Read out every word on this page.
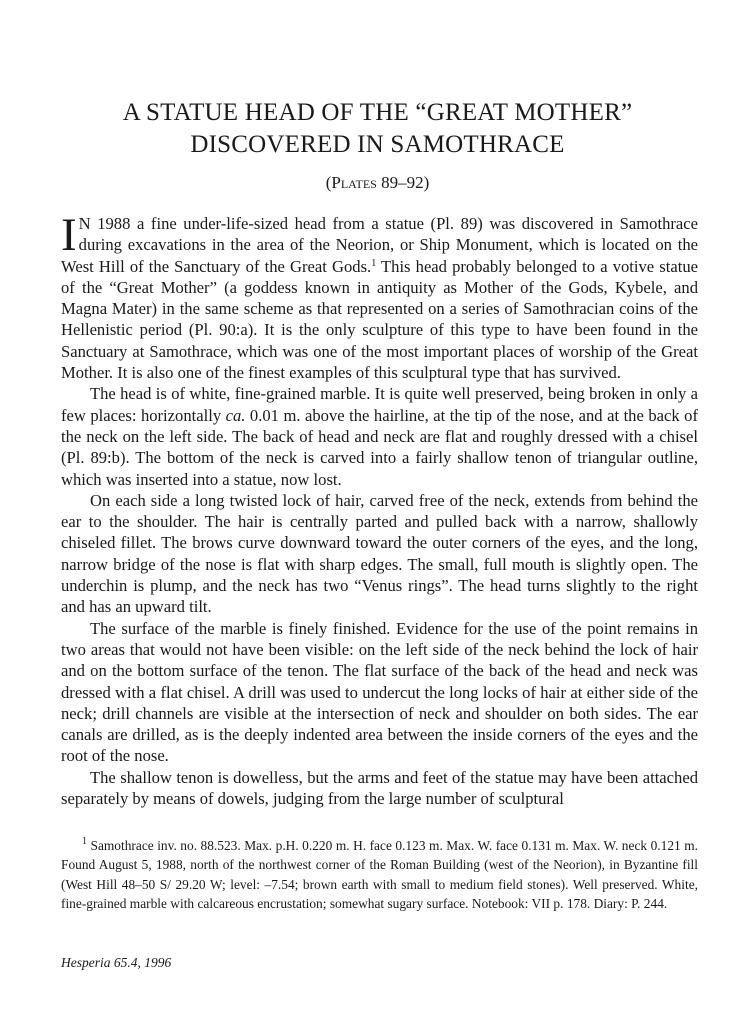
A STATUE HEAD OF THE “GREAT MOTHER”
DISCOVERED IN SAMOTHRACE
(Plates 89–92)

I N 1988 a fine under-life-sized head from a statue (Pl. 89) was discovered in Samothrace during excavations in the area of the Neorion, or Ship Monument, which is located on the West Hill of the Sanctuary of the Great Gods.$^1$ This head probably belonged to a votive statue of the “Great Mother” (a goddess known in antiquity as Mother of the Gods, Kybele, and Magna Mater) in the same scheme as that represented on a series of Samothracian coins of the Hellenistic period (Pl. 90:a). It is the only sculpture of this type to have been found in the Sanctuary at Samothrace, which was one of the most important places of worship of the Great Mother. It is also one of the finest examples of this sculptural type that has survived.

The head is of white, fine-grained marble. It is quite well preserved, being broken in only a few places: horizontally ca. 0.01 m. above the hairline, at the tip of the nose, and at the back of the neck on the left side. The back of head and neck are flat and roughly dressed with a chisel (Pl. 89:b). The bottom of the neck is carved into a fairly shallow tenon of triangular outline, which was inserted into a statue, now lost.

On each side a long twisted lock of hair, carved free of the neck, extends from behind the ear to the shoulder. The hair is centrally parted and pulled back with a narrow, shallowly chiseled fillet. The brows curve downward toward the outer corners of the eyes, and the long, narrow bridge of the nose is flat with sharp edges. The small, full mouth is slightly open. The underchin is plump, and the neck has two “Venus rings”. The head turns slightly to the right and has an upward tilt.

The surface of the marble is finely finished. Evidence for the use of the point remains in two areas that would not have been visible: on the left side of the neck behind the lock of hair and on the bottom surface of the tenon. The flat surface of the back of the head and neck was dressed with a flat chisel. A drill was used to undercut the long locks of hair at either side of the neck; drill channels are visible at the intersection of neck and shoulder on both sides. The ear canals are drilled, as is the deeply indented area between the inside corners of the eyes and the root of the nose.

The shallow tenon is dowelless, but the arms and feet of the statue may have been attached separately by means of dowels, judging from the large number of sculptural

$^1$ Samothrace inv. no. 88.523. Max. p.H. 0.220 m. H. face 0.123 m. Max. W. face 0.131 m. Max. W. neck 0.121 m. Found August 5, 1988, north of the northwest corner of the Roman Building (west of the Neorion), in Byzantine fill (West Hill 48–50 S/ 29.20 W; level: –7.54; brown earth with small to medium field stones). Well preserved. White, fine-grained marble with calcareous encrustation; somewhat sugary surface. Notebook: VII p. 178. Diary: P. 244.

Hesperia 65.4, 1996
